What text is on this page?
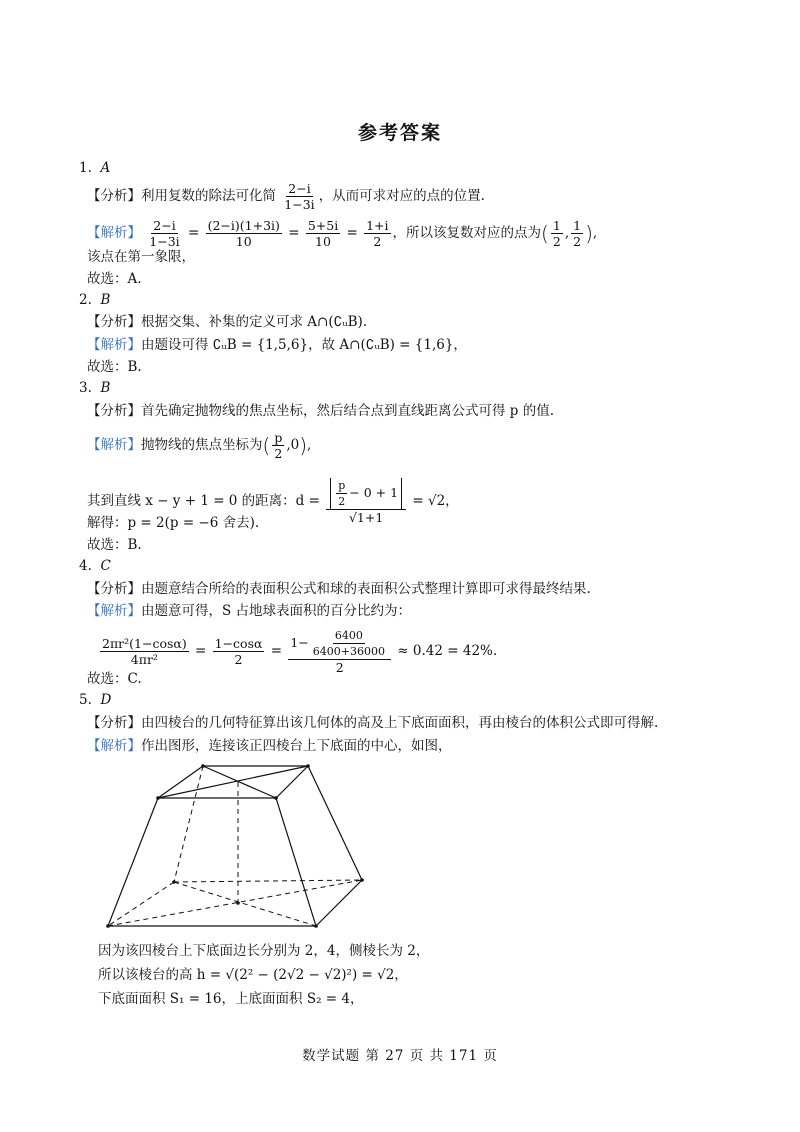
参考答案
1. A
【分析】利用复数的除法可化简 $\frac{2-i}{1-3i}$ ，从而可求对应的点的位置.
【解析】 $\frac{2-i}{1-3i} = \frac{(2-i)(1+3i)}{10} = \frac{5+5i}{10} = \frac{1+i}{2}$ ，所以该复数对应的点为( $\frac{1}{2}$ , $\frac{1}{2}$ ),
该点在第一象限，
故选：A.
2. B
【分析】根据交集、补集的定义可求 A∩(∁ᵤB).
【解析】由题设可得 ∁ᵤB = {1,5,6}，故 A∩(∁ᵤB) = {1,6}，
故选：B.
3. B
【分析】首先确定抛物线的焦点坐标，然后结合点到直线距离公式可得 p 的值.
【解析】抛物线的焦点坐标为( $\frac{p}{2} ,0$),
其到直线 x − y + 1 = 0 的距离：$d = \frac{\frac{p}{2} - 0 + 1}{√1+1} = √2$，
解得：p = 2(p = −6 舍去).
故选：B.
4. C
【分析】由题意结合所给的表面积公式和球的表面积公式整理计算即可求得最终结果.
【解析】由题意可得，S 占地球表面积的百分比约为：
$\frac{\text{2πr²(1−cosα)}}{\text{4πr²}} = \frac{1-\cos\alpha}{2} = \frac{1- \frac{6400}{6400+36000}}{2} \approx 0.42 = 42\%$.
故选：C.
5. D
【分析】由四棱台的几何特征算出该几何体的高及上下底面面积，再由棱台的体积公式即可得解.
【解析】作出图形，连接该正四棱台上下底面的中心，如图，
因为该四棱台上下底面边长分别为 2，4，侧棱长为 2，
所以该棱台的高 h = √(2² − (2√2 − √2)²) = √2，
下底面面积 S₁ = 16，上底面面积 S₂ = 4，
数学试题 第 27 页 共 171 页
